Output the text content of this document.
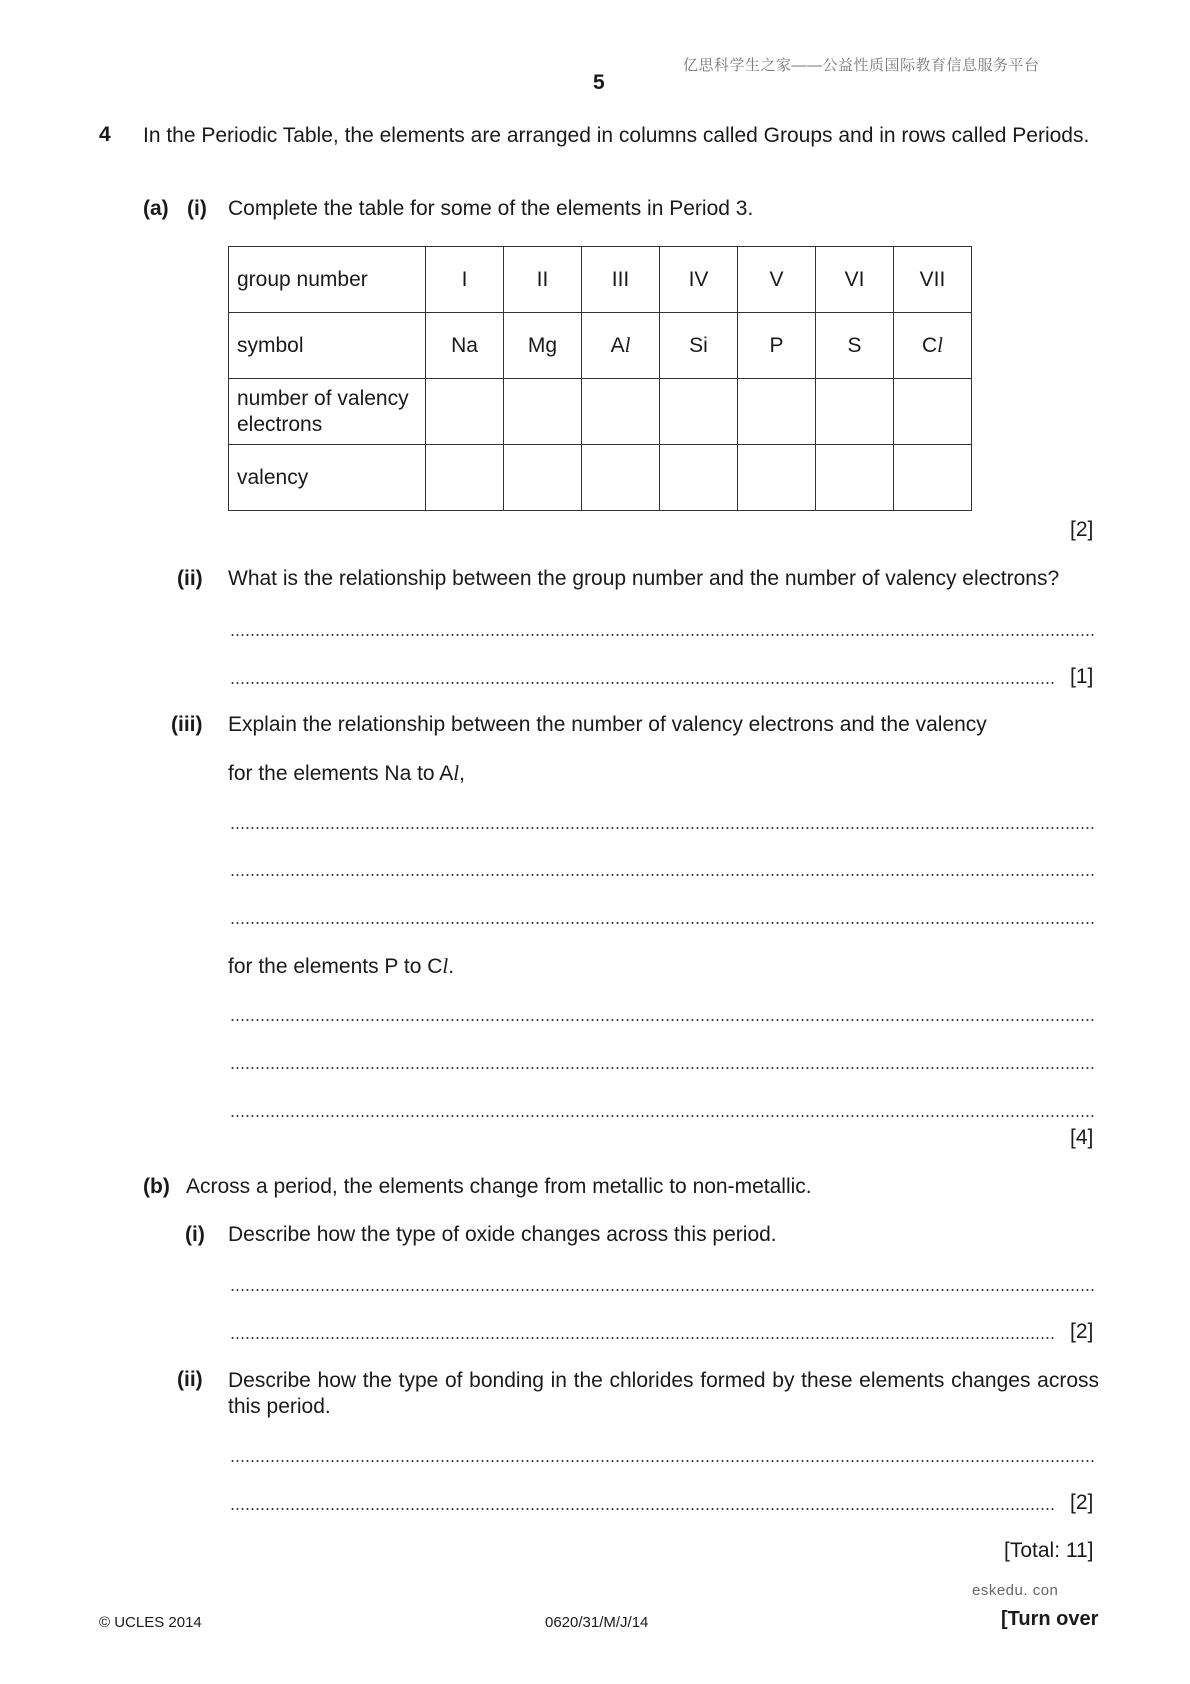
亿思科学生之家——公益性质国际教育信息服务平台
5
4 In the Periodic Table, the elements are arranged in columns called Groups and in rows called Periods.
(a) (i) Complete the table for some of the elements in Period 3.
group number	I	II	III	IV	V	VI	VII
symbol	Na	Mg	Al	Si	P	S	Cl
number of valency electrons							
valency							
[2]
(ii) What is the relationship between the group number and the number of valency electrons?
[1]
(iii) Explain the relationship between the number of valency electrons and the valency
for the elements Na to Al,
for the elements P to Cl.
[4]
(b) Across a period, the elements change from metallic to non-metallic.
(i) Describe how the type of oxide changes across this period.
[2]
(ii) Describe how the type of bonding in the chlorides formed by these elements changes across this period.
[2]
[Total: 11]
eskedu. con
© UCLES 2014	0620/31/M/J/14	[Turn over
